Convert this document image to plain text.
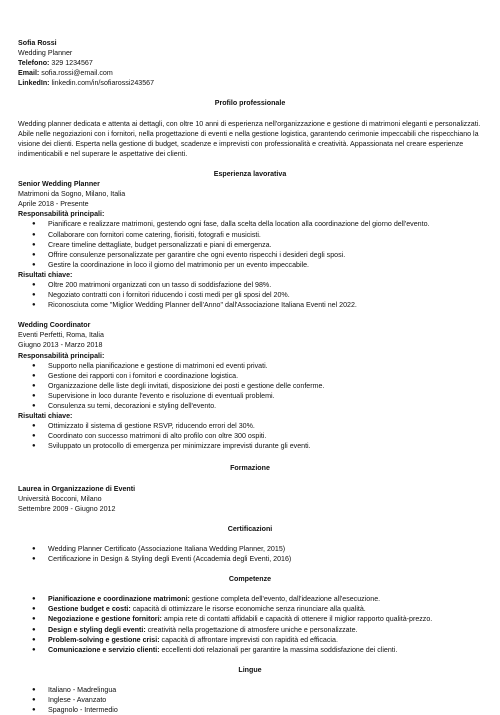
Sofia Rossi
Wedding Planner
Telefono: 329 1234567
Email: sofia.rossi@email.com
LinkedIn: linkedin.com/in/sofiarossi243567
Profilo professionale

Wedding planner dedicata e attenta ai dettagli, con oltre 10 anni di esperienza nell'organizzazione e gestione di matrimoni eleganti e personalizzati. Abile nelle negoziazioni con i fornitori, nella progettazione di eventi e nella gestione logistica, garantendo cerimonie impeccabili che rispecchiano la visione dei clienti. Esperta nella gestione di budget, scadenze e imprevisti con professionalità e creatività. Appassionata nel creare esperienze indimenticabili e nel superare le aspettative dei clienti.

Esperienza lavorativa
Senior Wedding Planner
Matrimoni da Sogno, Milano, Italia
Aprile 2018 - Presente
Responsabilità principali:
● Pianificare e realizzare matrimoni, gestendo ogni fase, dalla scelta della location alla coordinazione del giorno dell'evento.
● Collaborare con fornitori come catering, fiorisiti, fotografi e musicisti.
● Creare timeline dettagliate, budget personalizzati e piani di emergenza.
● Offrire consulenze personalizzate per garantire che ogni evento rispecchi i desideri degli sposi.
● Gestire la coordinazione in loco il giorno del matrimonio per un evento impeccabile.
Risultati chiave:
● Oltre 200 matrimoni organizzati con un tasso di soddisfazione del 98%.
● Negoziato contratti con i fornitori riducendo i costi medi per gli sposi del 20%.
● Riconosciuta come "Miglior Wedding Planner dell'Anno" dall'Associazione Italiana Eventi nel 2022.
Wedding Coordinator
Eventi Perfetti, Roma, Italia
Giugno 2013 - Marzo 2018
Responsabilità principali:
● Supporto nella pianificazione e gestione di matrimoni ed eventi privati.
● Gestione dei rapporti con i fornitori e coordinazione logistica.
● Organizzazione delle liste degli invitati, disposizione dei posti e gestione delle conferme.
● Supervisione in loco durante l'evento e risoluzione di eventuali problemi.
● Consulenza su temi, decorazioni e styling dell'evento.
Risultati chiave:
● Ottimizzato il sistema di gestione RSVP, riducendo errori del 30%.
● Coordinato con successo matrimoni di alto profilo con oltre 300 ospiti.
● Sviluppato un protocollo di emergenza per minimizzare imprevisti durante gli eventi.
Formazione
Laurea in Organizzazione di Eventi
Università Bocconi, Milano
Settembre 2009 - Giugno 2012
Certificazioni
● Wedding Planner Certificato (Associazione Italiana Wedding Planner, 2015)
● Certificazione in Design & Styling degli Eventi (Accademia degli Eventi, 2016)
Competenze
● Pianificazione e coordinazione matrimoni: gestione completa dell'evento, dall'ideazione all'esecuzione.
● Gestione budget e costi: capacità di ottimizzare le risorse economiche senza rinunciare alla qualità.
● Negoziazione e gestione fornitori: ampia rete di contatti affidabili e capacità di ottenere il miglior rapporto qualità-prezzo.
● Design e styling degli eventi: creatività nella progettazione di atmosfere uniche e personalizzate.
● Problem-solving e gestione crisi: capacità di affrontare imprevisti con rapidità ed efficacia.
● Comunicazione e servizio clienti: eccellenti doti relazionali per garantire la massima soddisfazione dei clienti.
Lingue
● Italiano - Madrelingua
● Inglese - Avanzato
● Spagnolo - Intermedio
